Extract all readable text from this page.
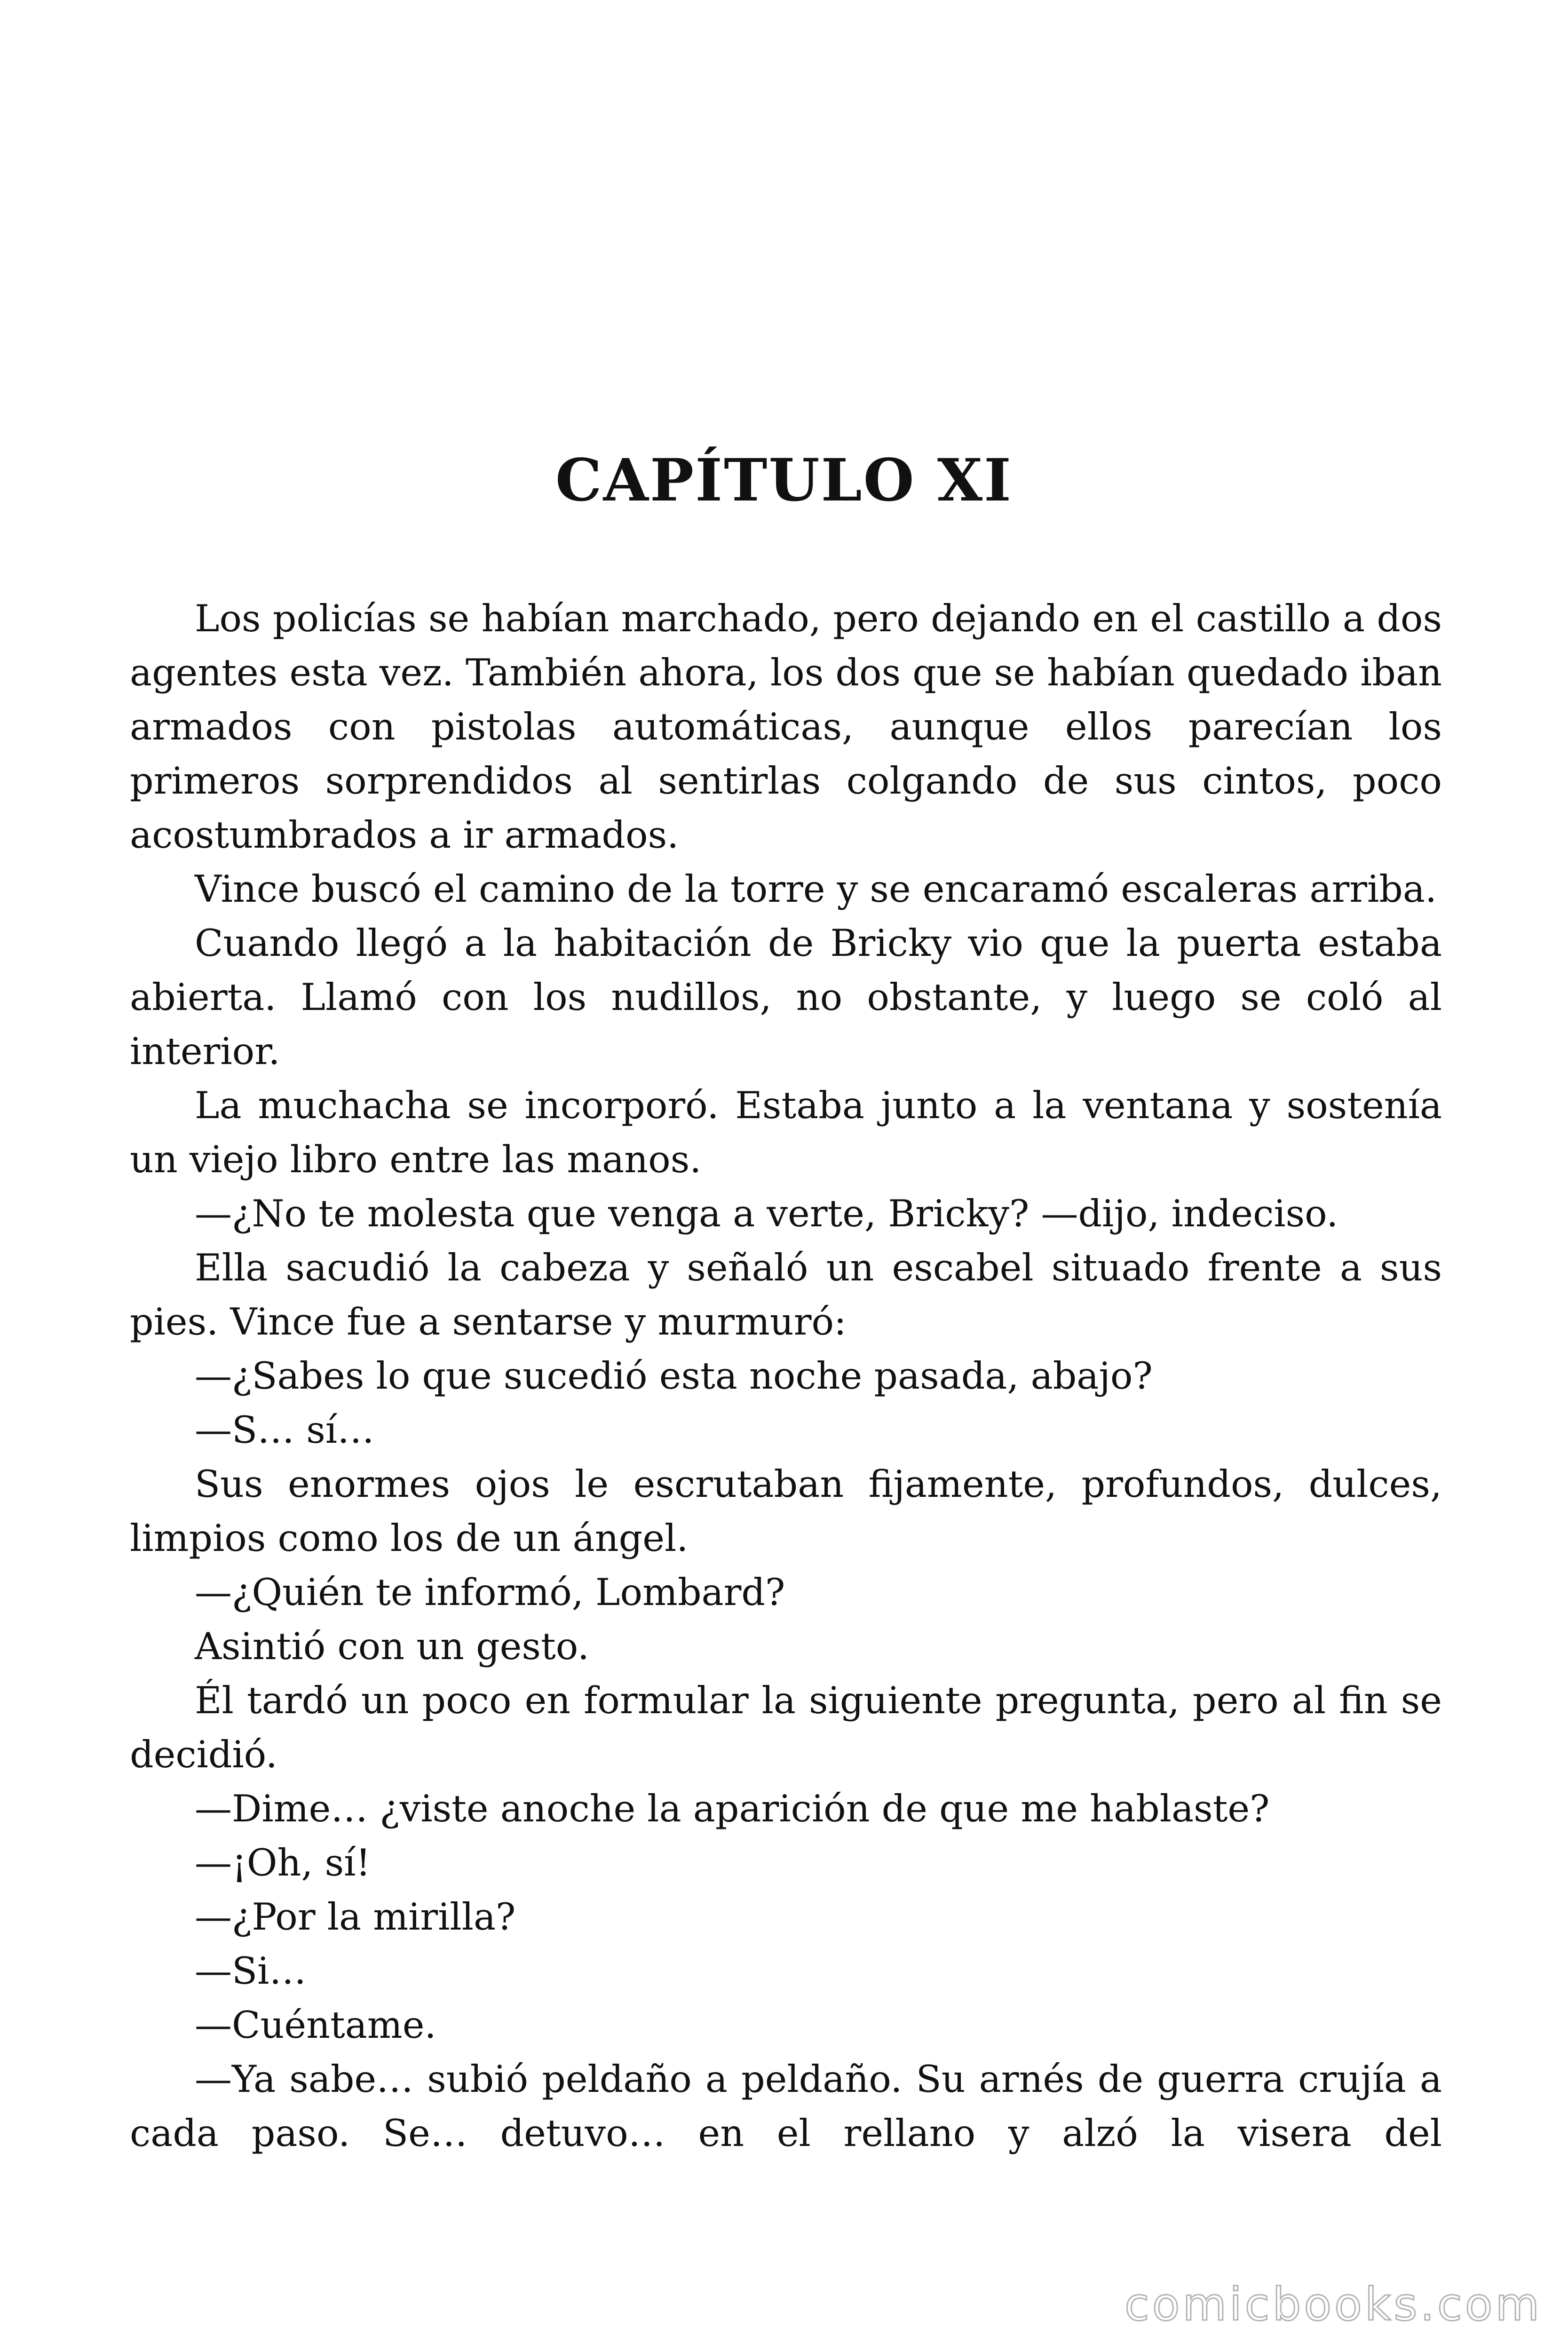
CAPÍTULO XI

Los policías se habían marchado, pero dejando en el castillo a dos agentes esta vez. También ahora, los dos que se habían quedado iban armados con pistolas automáticas, aunque ellos parecían los primeros sorprendidos al sentirlas colgando de sus cintos, poco acostumbrados a ir armados.

Vince buscó el camino de la torre y se encaramó escaleras arriba.

Cuando llegó a la habitación de Bricky vio que la puerta estaba abierta. Llamó con los nudillos, no obstante, y luego se coló al interior.

La muchacha se incorporó. Estaba junto a la ventana y sostenía un viejo libro entre las manos.

—¿No te molesta que venga a verte, Bricky? —dijo, indeciso.

Ella sacudió la cabeza y señaló un escabel situado frente a sus pies. Vince fue a sentarse y murmuró:

—¿Sabes lo que sucedió esta noche pasada, abajo?

—S… sí…

Sus enormes ojos le escrutaban fijamente, profundos, dulces, limpios como los de un ángel.

—¿Quién te informó, Lombard?

Asintió con un gesto.

Él tardó un poco en formular la siguiente pregunta, pero al fin se decidió.

—Dime… ¿viste anoche la aparición de que me hablaste?

—¡Oh, sí!

—¿Por la mirilla?

—Si…

—Cuéntame.

—Ya sabe… subió peldaño a peldaño. Su arnés de guerra crujía a cada paso. Se… detuvo… en el rellano y alzó la visera del

comicbooks.com
